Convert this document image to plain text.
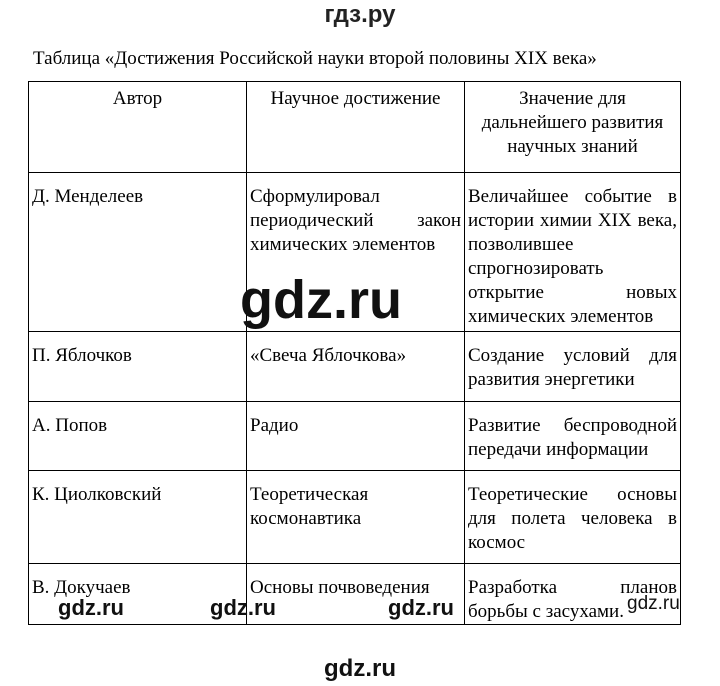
гдз.ру
Таблица «Достижения Российской науки второй половины XIX века»
Автор	Научное достижение	Значение для дальнейшего развития научных знаний
Д. Менделеев	Сформулировал периодический закон химических элементов	Величайшее событие в истории химии XIX века, позволившее спрогнозировать открытие новых химических элементов
П. Яблочков	«Свеча Яблочкова»	Создание условий для развития энергетики
А. Попов	Радио	Развитие беспроводной передачи информации
К. Циолковский	Теоретическая космонавтика	Теоретические основы для полета человека в космос
В. Докучаев	Основы почвоведения	Разработка планов борьбы с засухами.
gdz.ru
gdz.ru	gdz.ru	gdz.ru	gdz.ru
gdz.ru
